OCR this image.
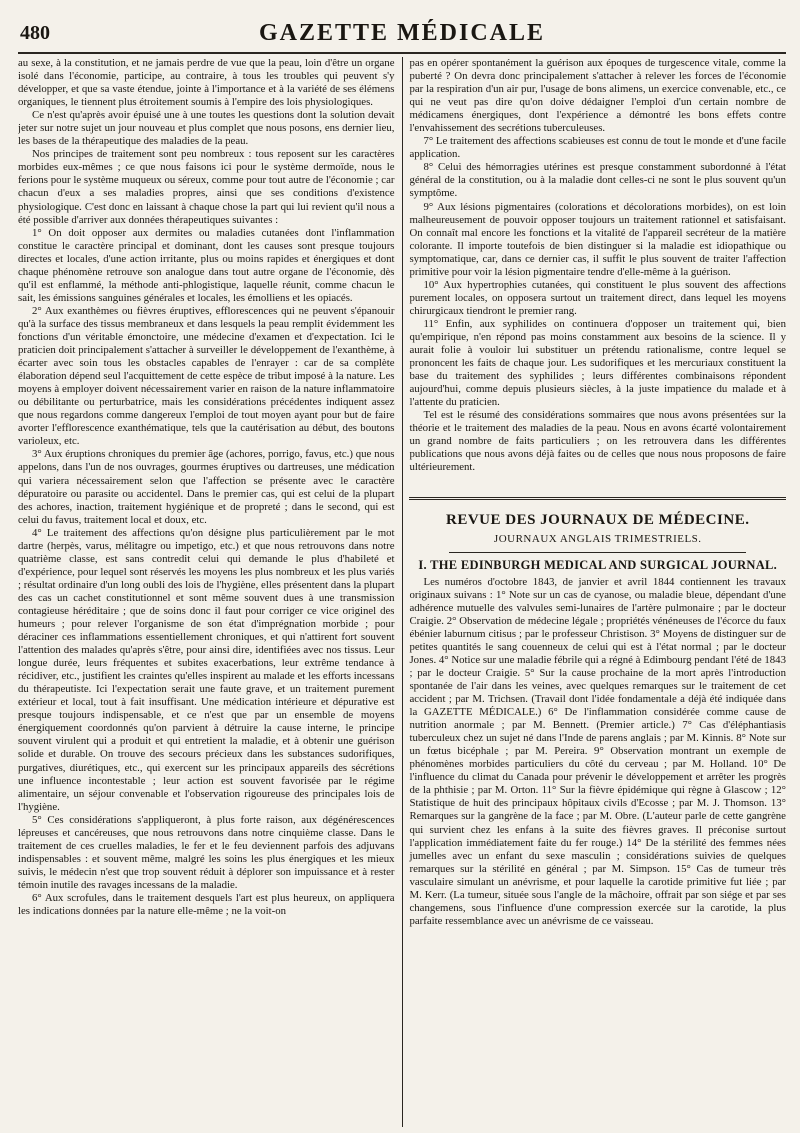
480	GAZETTE MÉDICALE

au sexe, à la constitution, et ne jamais perdre de vue que la peau, loin d'être un organe isolé dans l'économie, participe, au contraire, à tous les troubles qui peuvent s'y développer, et que sa vaste étendue, jointe à l'importance et à la variété de ses élémens organiques, le tiennent plus étroitement soumis à l'empire des lois physiologiques.

Ce n'est qu'après avoir épuisé une à une toutes les questions dont la solution devait jeter sur notre sujet un jour nouveau et plus complet que nous posons, ens dernier lieu, les bases de la thérapeutique des maladies de la peau.

Nos principes de traitement sont peu nombreux : tous reposent sur les caractères morbides eux-mêmes ; ce que nous faisons ici pour le système dermoïde, nous le ferions pour le système muqueux ou séreux, comme pour tout autre de l'économie ; car chacun d'eux a ses maladies propres, ainsi que ses conditions d'existence physiologique. C'est donc en laissant à chaque chose la part qui lui revient qu'il nous a été possible d'arriver aux données thérapeutiques suivantes :

1° On doit opposer aux dermites ou maladies cutanées dont l'inflammation constitue le caractère principal et dominant, dont les causes sont presque toujours directes et locales, d'une action irritante, plus ou moins rapides et énergiques et dont chaque phénomène retrouve son analogue dans tout autre organe de l'économie, dès qu'il est enflammé, la méthode anti-phlogistique, laquelle réunit, comme chacun le sait, les émissions sanguines générales et locales, les émolliens et les opiacés.

2° Aux exanthèmes ou fièvres éruptives, efflorescences qui ne peuvent s'épanouir qu'à la surface des tissus membraneux et dans lesquels la peau remplit évidemment les fonctions d'un véritable émonctoire, une médecine d'examen et d'expectation. Ici le praticien doit principalement s'attacher à surveiller le développement de l'exanthème, à écarter avec soin tous les obstacles capables de l'enrayer : car de sa complète élaboration dépend seul l'acquittement de cette espèce de tribut imposé à la nature. Les moyens à employer doivent nécessairement varier en raison de la nature inflammatoire ou débilitante ou perturbatrice, mais les considérations précédentes indiquent assez que nous regardons comme dangereux l'emploi de tout moyen ayant pour but de faire avorter l'efflorescence exanthématique, tels que la cautérisation au début, des boutons varioleux, etc.

3° Aux éruptions chroniques du premier âge (achores, porrigo, favus, etc.) que nous appelons, dans l'un de nos ouvrages, gourmes éruptives ou dartreuses, une médication qui variera nécessairement selon que l'affection se présente avec le caractère dépuratoire ou parasite ou accidentel. Dans le premier cas, qui est celui de la plupart des achores, inaction, traitement hygiénique et de propreté ; dans le second, qui est celui du favus, traitement local et doux, etc.

4° Le traitement des affections qu'on désigne plus particulièrement par le mot dartre (herpès, varus, mélitagre ou impetigo, etc.) et que nous retrouvons dans notre quatrième classe, est sans contredit celui qui demande le plus d'habileté et d'expérience, pour lequel sont réservés les moyens les plus nombreux et les plus variés ; résultat ordinaire d'un long oubli des lois de l'hygiène, elles présentent dans la plupart des cas un cachet constitutionnel et sont même souvent dues à une transmission contagieuse héréditaire ; que de soins donc il faut pour corriger ce vice originel des humeurs ; pour relever l'organisme de son état d'imprégnation morbide ; pour déraciner ces inflammations essentiellement chroniques, et qui n'attirent fort souvent l'attention des malades qu'après s'être, pour ainsi dire, identifiées avec nos tissus. Leur longue durée, leurs fréquentes et subites exacerbations, leur extrême tendance à récidiver, etc., justifient les craintes qu'elles inspirent au malade et les efforts incessans du thérapeutiste. Ici l'expectation serait une faute grave, et un traitement purement extérieur et local, tout à fait insuffisant. Une médication intérieure et dépurative est presque toujours indispensable, et ce n'est que par un ensemble de moyens énergiquement coordonnés qu'on parvient à détruire la cause interne, le principe souvent virulent qui a produit et qui entretient la maladie, et à obtenir une guérison solide et durable. On trouve des secours précieux dans les substances sudorifiques, purgatives, diurétiques, etc., qui exercent sur les principaux appareils des sécrétions une influence incontestable ; leur action est souvent favorisée par le régime alimentaire, un séjour convenable et l'observation rigoureuse des principales lois de l'hygiène.

5° Ces considérations s'appliqueront, à plus forte raison, aux dégénérescences lépreuses et cancéreuses, que nous retrouvons dans notre cinquième classe. Dans le traitement de ces cruelles maladies, le fer et le feu deviennent parfois des adjuvans indispensables : et souvent même, malgré les soins les plus énergiques et les mieux suivis, le médecin n'est que trop souvent réduit à déplorer son impuissance et à rester témoin inutile des ravages incessans de la maladie.

6° Aux scrofules, dans le traitement desquels l'art est plus heureux, on appliquera les indications données par la nature elle-même ; ne la voit-on

pas en opérer spontanément la guérison aux époques de turgescence vitale, comme la puberté ? On devra donc principalement s'attacher à relever les forces de l'économie par la respiration d'un air pur, l'usage de bons alimens, un exercice convenable, etc., ce qui ne veut pas dire qu'on doive dédaigner l'emploi d'un certain nombre de médicamens énergiques, dont l'expérience a démontré les bons effets contre l'envahissement des secrétions tuberculeuses.

7° Le traitement des affections scabieuses est connu de tout le monde et d'une facile application.

8° Celui des hémorragies utérines est presque constamment subordonné à l'état général de la constitution, ou à la maladie dont celles-ci ne sont le plus souvent qu'un symptôme.

9° Aux lésions pigmentaires (colorations et décolorations morbides), on est loin malheureusement de pouvoir opposer toujours un traitement rationnel et satisfaisant. On connaît mal encore les fonctions et la vitalité de l'appareil secréteur de la matière colorante. Il importe toutefois de bien distinguer si la maladie est idiopathique ou symptomatique, car, dans ce dernier cas, il suffit le plus souvent de traiter l'affection primitive pour voir la lésion pigmentaire tendre d'elle-même à la guérison.

10° Aux hypertrophies cutanées, qui constituent le plus souvent des affections purement locales, on opposera surtout un traitement direct, dans lequel les moyens chirurgicaux tiendront le premier rang.

11° Enfin, aux syphilides on continuera d'opposer un traitement qui, bien qu'empirique, n'en répond pas moins constamment aux besoins de la science. Il y aurait folie à vouloir lui substituer un prétendu rationalisme, contre lequel se prononcent les faits de chaque jour. Les sudorifiques et les mercuriaux constituent la base du traitement des syphilides ; leurs différentes combinaisons répondent aujourd'hui, comme depuis plusieurs siècles, à la juste impatience du malade et à l'attente du praticien.

Tel est le résumé des considérations sommaires que nous avons présentées sur la théorie et le traitement des maladies de la peau. Nous en avons écarté volontairement un grand nombre de faits particuliers ; on les retrouvera dans les différentes publications que nous avons déjà faites ou de celles que nous nous proposons de faire ultérieurement.

REVUE DES JOURNAUX DE MÉDECINE.
JOURNAUX ANGLAIS TRIMESTRIELS.
I. THE EDINBURGH MEDICAL AND SURGICAL JOURNAL.

Les numéros d'octobre 1843, de janvier et avril 1844 contiennent les travaux originaux suivans : 1° Note sur un cas de cyanose, ou maladie bleue, dépendant d'une adhérence mutuelle des valvules semi-lunaires de l'artère pulmonaire ; par le docteur Craigie. 2° Observation de médecine légale ; propriétés vénéneuses de l'écorce du faux ébénier laburnum citisus ; par le professeur Christison. 3° Moyens de distinguer sur de petites quantités le sang couenneux de celui qui est à l'état normal ; par le docteur Jones. 4° Notice sur une maladie fébrile qui a régné à Edimbourg pendant l'été de 1843 ; par le docteur Craigie. 5° Sur la cause prochaine de la mort après l'introduction spontanée de l'air dans les veines, avec quelques remarques sur le traitement de cet accident ; par M. Trichsen. (Travail dont l'idée fondamentale a déjà été indiquée dans la GAZETTE MÉDICALE.) 6° De l'inflammation considérée comme cause de nutrition anormale ; par M. Bennett. (Premier article.) 7° Cas d'éléphantiasis tuberculeux chez un sujet né dans l'Inde de parens anglais ; par M. Kinnis. 8° Note sur un fœtus bicéphale ; par M. Pereira. 9° Observation montrant un exemple de phénomènes morbides particuliers du côté du cerveau ; par M. Holland. 10° De l'influence du climat du Canada pour prévenir le développement et arrêter les progrès de la phthisie ; par M. Orton. 11° Sur la fièvre épidémique qui règne à Glascow ; 12° Statistique de huit des principaux hôpitaux civils d'Ecosse ; par M. J. Thomson. 13° Remarques sur la gangrène de la face ; par M. Obre. (L'auteur parle de cette gangrène qui survient chez les enfans à la suite des fièvres graves. Il préconise surtout l'application immédiatement faite du fer rouge.) 14° De la stérilité des femmes nées jumelles avec un enfant du sexe masculin ; considérations suivies de quelques remarques sur la stérilité en général ; par M. Simpson. 15° Cas de tumeur très vasculaire simulant un anévrisme, et pour laquelle la carotide primitive fut liée ; par M. Kerr. (La tumeur, située sous l'angle de la mâchoire, offrait par son siége et par ses changemens, sous l'influence d'une compression exercée sur la carotide, la plus parfaite ressemblance avec un anévrisme de ce vaisseau.
